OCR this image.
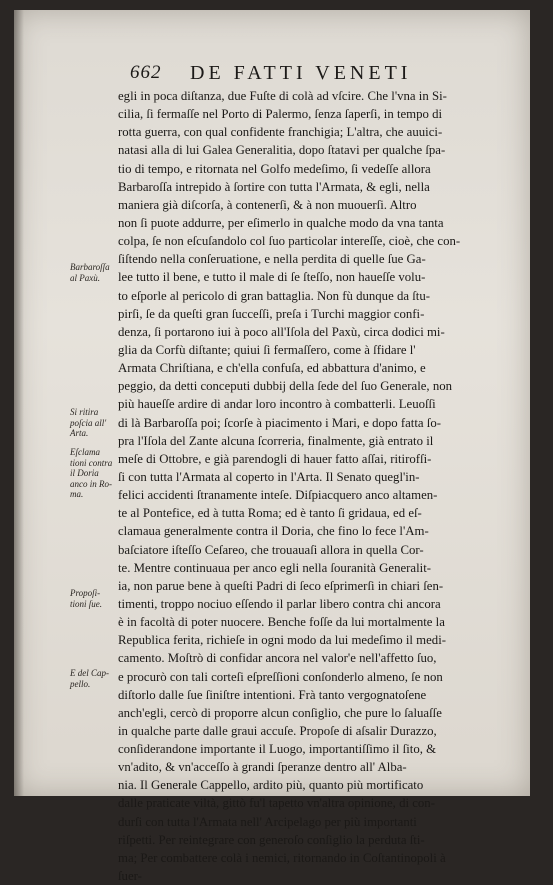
662 DE FATTI VENETI
egli in poca diſtanza, due Fuſte di colà ad vſcire. Che l'vna in Si-
cilia, ſi fermaſſe nel Porto di Palermo, ſenza ſaperſi, in tempo di
rotta guerra, con qual confidente franchigia; L'altra, che auuici-
natasi alla di lui Galea Generalitia, dopo ſtatavi per qualche ſpa-
tio di tempo, e ritornata nel Golfo medeſimo, ſi vedeſſe allora
Barbaroſſa intrepido à ſortire con tutta l'Armata, & egli, nella
maniera già diſcorſa, à contenerſi, & à non muouerſi. Altro
non ſi puote addurre, per eſimerlo in qualche modo da vna tanta
colpa, ſe non eſcuſandolo col ſuo particolar intereſſe, cioè, che con-
ſiſtendo nella conſeruatione, e nella perdita di quelle ſue Ga-
lee tutto il bene, e tutto il male di ſe ſteſſo, non haueſſe volu-
to eſporle al pericolo di gran battaglia. Non fù dunque da ſtu-
pirſi, ſe da queſti gran ſucceſſi, preſa i Turchi maggior confi-
denza, ſi portarono iui à poco all'Iſola del Paxù, circa dodici mi-
glia da Corfù diſtante; quiui ſi fermaſſero, come à ſfidare l'
Armata Chriſtiana, e ch'ella confuſa, ed abbattura d'animo, e
peggio, da detti conceputi dubbij della ſede del ſuo Generale, non
più haueſſe ardire di andar loro incontro à combatterli. Leuoſſi
di là Barbaroſſa poi; ſcorſe à piacimento i Mari, e dopo fatta ſo-
pra l'Iſola del Zante alcuna ſcorreria, finalmente, già entrato il
meſe di Ottobre, e già parendogli di hauer fatto aſſai, ritirofſi-
ſi con tutta l'Armata al coperto in l'Arta. Il Senato quegl'in-
felici accidenti ſtranamente inteſe. Diſpiacquero anco altamen-
te al Pontefice, ed à tutta Roma; ed è tanto ſi gridaua, ed eſ-
clamaua generalmente contra il Doria, che fino lo fece l'Am-
baſciatore iſteſſo Ceſareo, che trouauaſi allora in quella Cor-
te. Mentre continuaua per anco egli nella ſouranità Generalit-
ia, non parue bene à queſti Padri di ſeco eſprimerſi in chiari ſen-
timenti, troppo nociuo eſſendo il parlar libero contra chi ancora
è in facoltà di poter nuocere. Benche foſſe da lui mortalmente la
Republica ferita, richieſe in ogni modo da lui medeſimo il medi-
camento. Moſtrò di confidar ancora nel valor'e nell'affetto ſuo,
e procurò con tali corteſi eſpreſſioni conſonderlo almeno, ſe non
diſtorlo dalle ſue ſiniſtre intentioni. Frà tanto vergognatoſene
anch'egli, cercò di proporre alcun conſiglio, che pure lo ſaluaſſe
in qualche parte dalle graui accuſe. Propoſe di aſsalir Durazzo,
conſiderandone importante il Luogo, importantiſſimo il ſito, &
vn'adito, & vn'acceſſo à grandi ſperanze dentro all' Alba-
nia. Il Generale Cappello, ardito più, quanto più mortificato
dalle praticate viltà, gittò fu'l tapetto vn'altra opinione, di con-
durſi con tutta l'Armata nell' Arcipelago per più importanti
riſpetti. Per reintegrare con generoſo conſiglio la perduta ſti-
ma; Per combattere colà i nemici, ritornando in Coſtantinopoli à
ſuer-
Barbaroſſa
al Paxù.
Si ritira
poſcia all'
Arta.
Eſclama
tioni contra
il Doria
anco in Ro-
ma.
Propoſi-
tioni ſue.
E del Cap-
pello.
